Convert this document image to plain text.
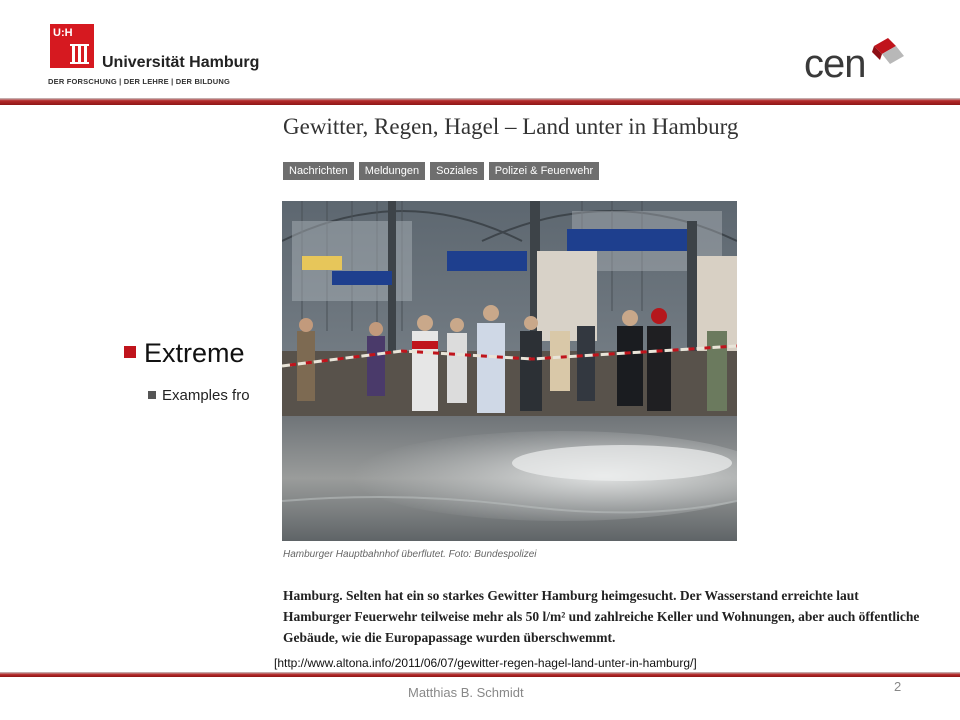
U:H
Universität Hamburg
DER FORSCHUNG | DER LEHRE | DER BILDUNG	cen
Extreme
Examples fro
Gewitter, Regen, Hagel – Land unter in Hamburg
Nachrichten	Meldungen	Soziales	Polizei & Feuerwehr
Hamburger Hauptbahnhof überflutet. Foto: Bundespolizei
Hamburg. Selten hat ein so starkes Gewitter Hamburg heimgesucht. Der Wasserstand erreichte laut Hamburger Feuerwehr teilweise mehr als 50 l/m² und zahlreiche Keller und Wohnungen, aber auch öffentliche Gebäude, wie die Europapassage wurden überschwemmt.
[http://www.altona.info/2011/06/07/gewitter-regen-hagel-land-unter-in-hamburg/]
Matthias B. Schmidt	2
